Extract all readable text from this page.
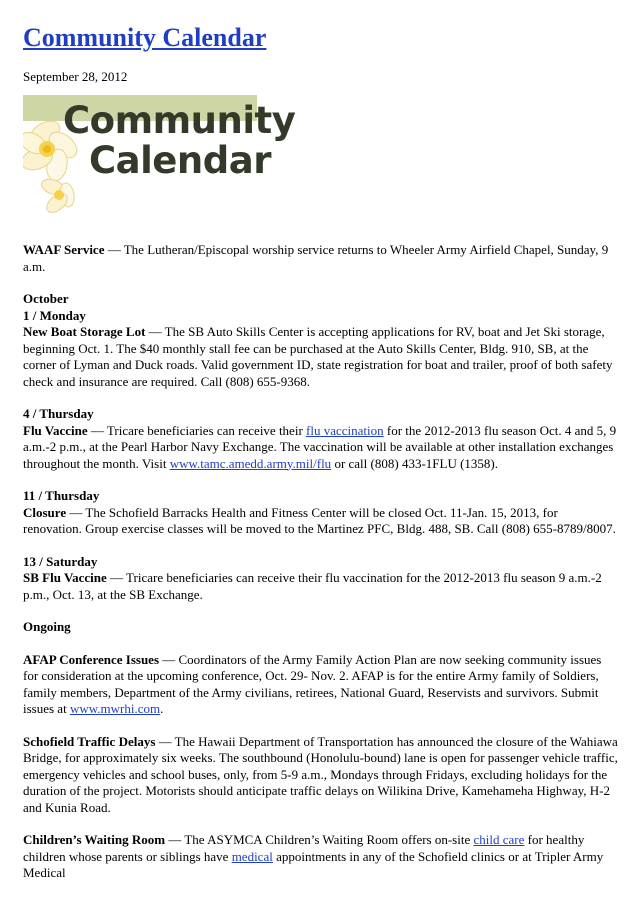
Community Calendar

September 28, 2012

Community
Calendar

WAAF Service — The Lutheran/Episcopal worship service returns to Wheeler Army Airfield Chapel, Sunday, 9 a.m.

October

1 / Monday

New Boat Storage Lot — The SB Auto Skills Center is accepting applications for RV, boat and Jet Ski storage, beginning Oct. 1. The $40 monthly stall fee can be purchased at the Auto Skills Center, Bldg. 910, SB, at the corner of Lyman and Duck roads. Valid government ID, state registration for boat and trailer, proof of both safety check and insurance are required. Call (808) 655-9368.

4 / Thursday

Flu Vaccine — Tricare beneficiaries can receive their flu vaccination for the 2012-2013 flu season Oct. 4 and 5, 9 a.m.-2 p.m., at the Pearl Harbor Navy Exchange. The vaccination will be available at other installation exchanges throughout the month. Visit www.tamc.amedd.army.mil/flu or call (808) 433-1FLU (1358).

11 / Thursday

Closure — The Schofield Barracks Health and Fitness Center will be closed Oct. 11-Jan. 15, 2013, for renovation. Group exercise classes will be moved to the Martinez PFC, Bldg. 488, SB. Call (808) 655-8789/8007.

13 / Saturday

SB Flu Vaccine — Tricare beneficiaries can receive their flu vaccination for the 2012-2013 flu season 9 a.m.-2 p.m., Oct. 13, at the SB Exchange.

Ongoing

AFAP Conference Issues — Coordinators of the Army Family Action Plan are now seeking community issues for consideration at the upcoming conference, Oct. 29- Nov. 2. AFAP is for the entire Army family of Soldiers, family members, Department of the Army civilians, retirees, National Guard, Reservists and survivors. Submit issues at www.mwrhi.com.

Schofield Traffic Delays — The Hawaii Department of Transportation has announced the closure of the Wahiawa Bridge, for approximately six weeks. The southbound (Honolulu-bound) lane is open for passenger vehicle traffic, emergency vehicles and school buses, only, from 5-9 a.m., Mondays through Fridays, excluding holidays for the duration of the project. Motorists should anticipate traffic delays on Wilikina Drive, Kamehameha Highway, H-2 and Kunia Road.

Children’s Waiting Room — The ASYMCA Children’s Waiting Room offers on-site child care for healthy children whose parents or siblings have medical appointments in any of the Schofield clinics or at Tripler Army Medical
